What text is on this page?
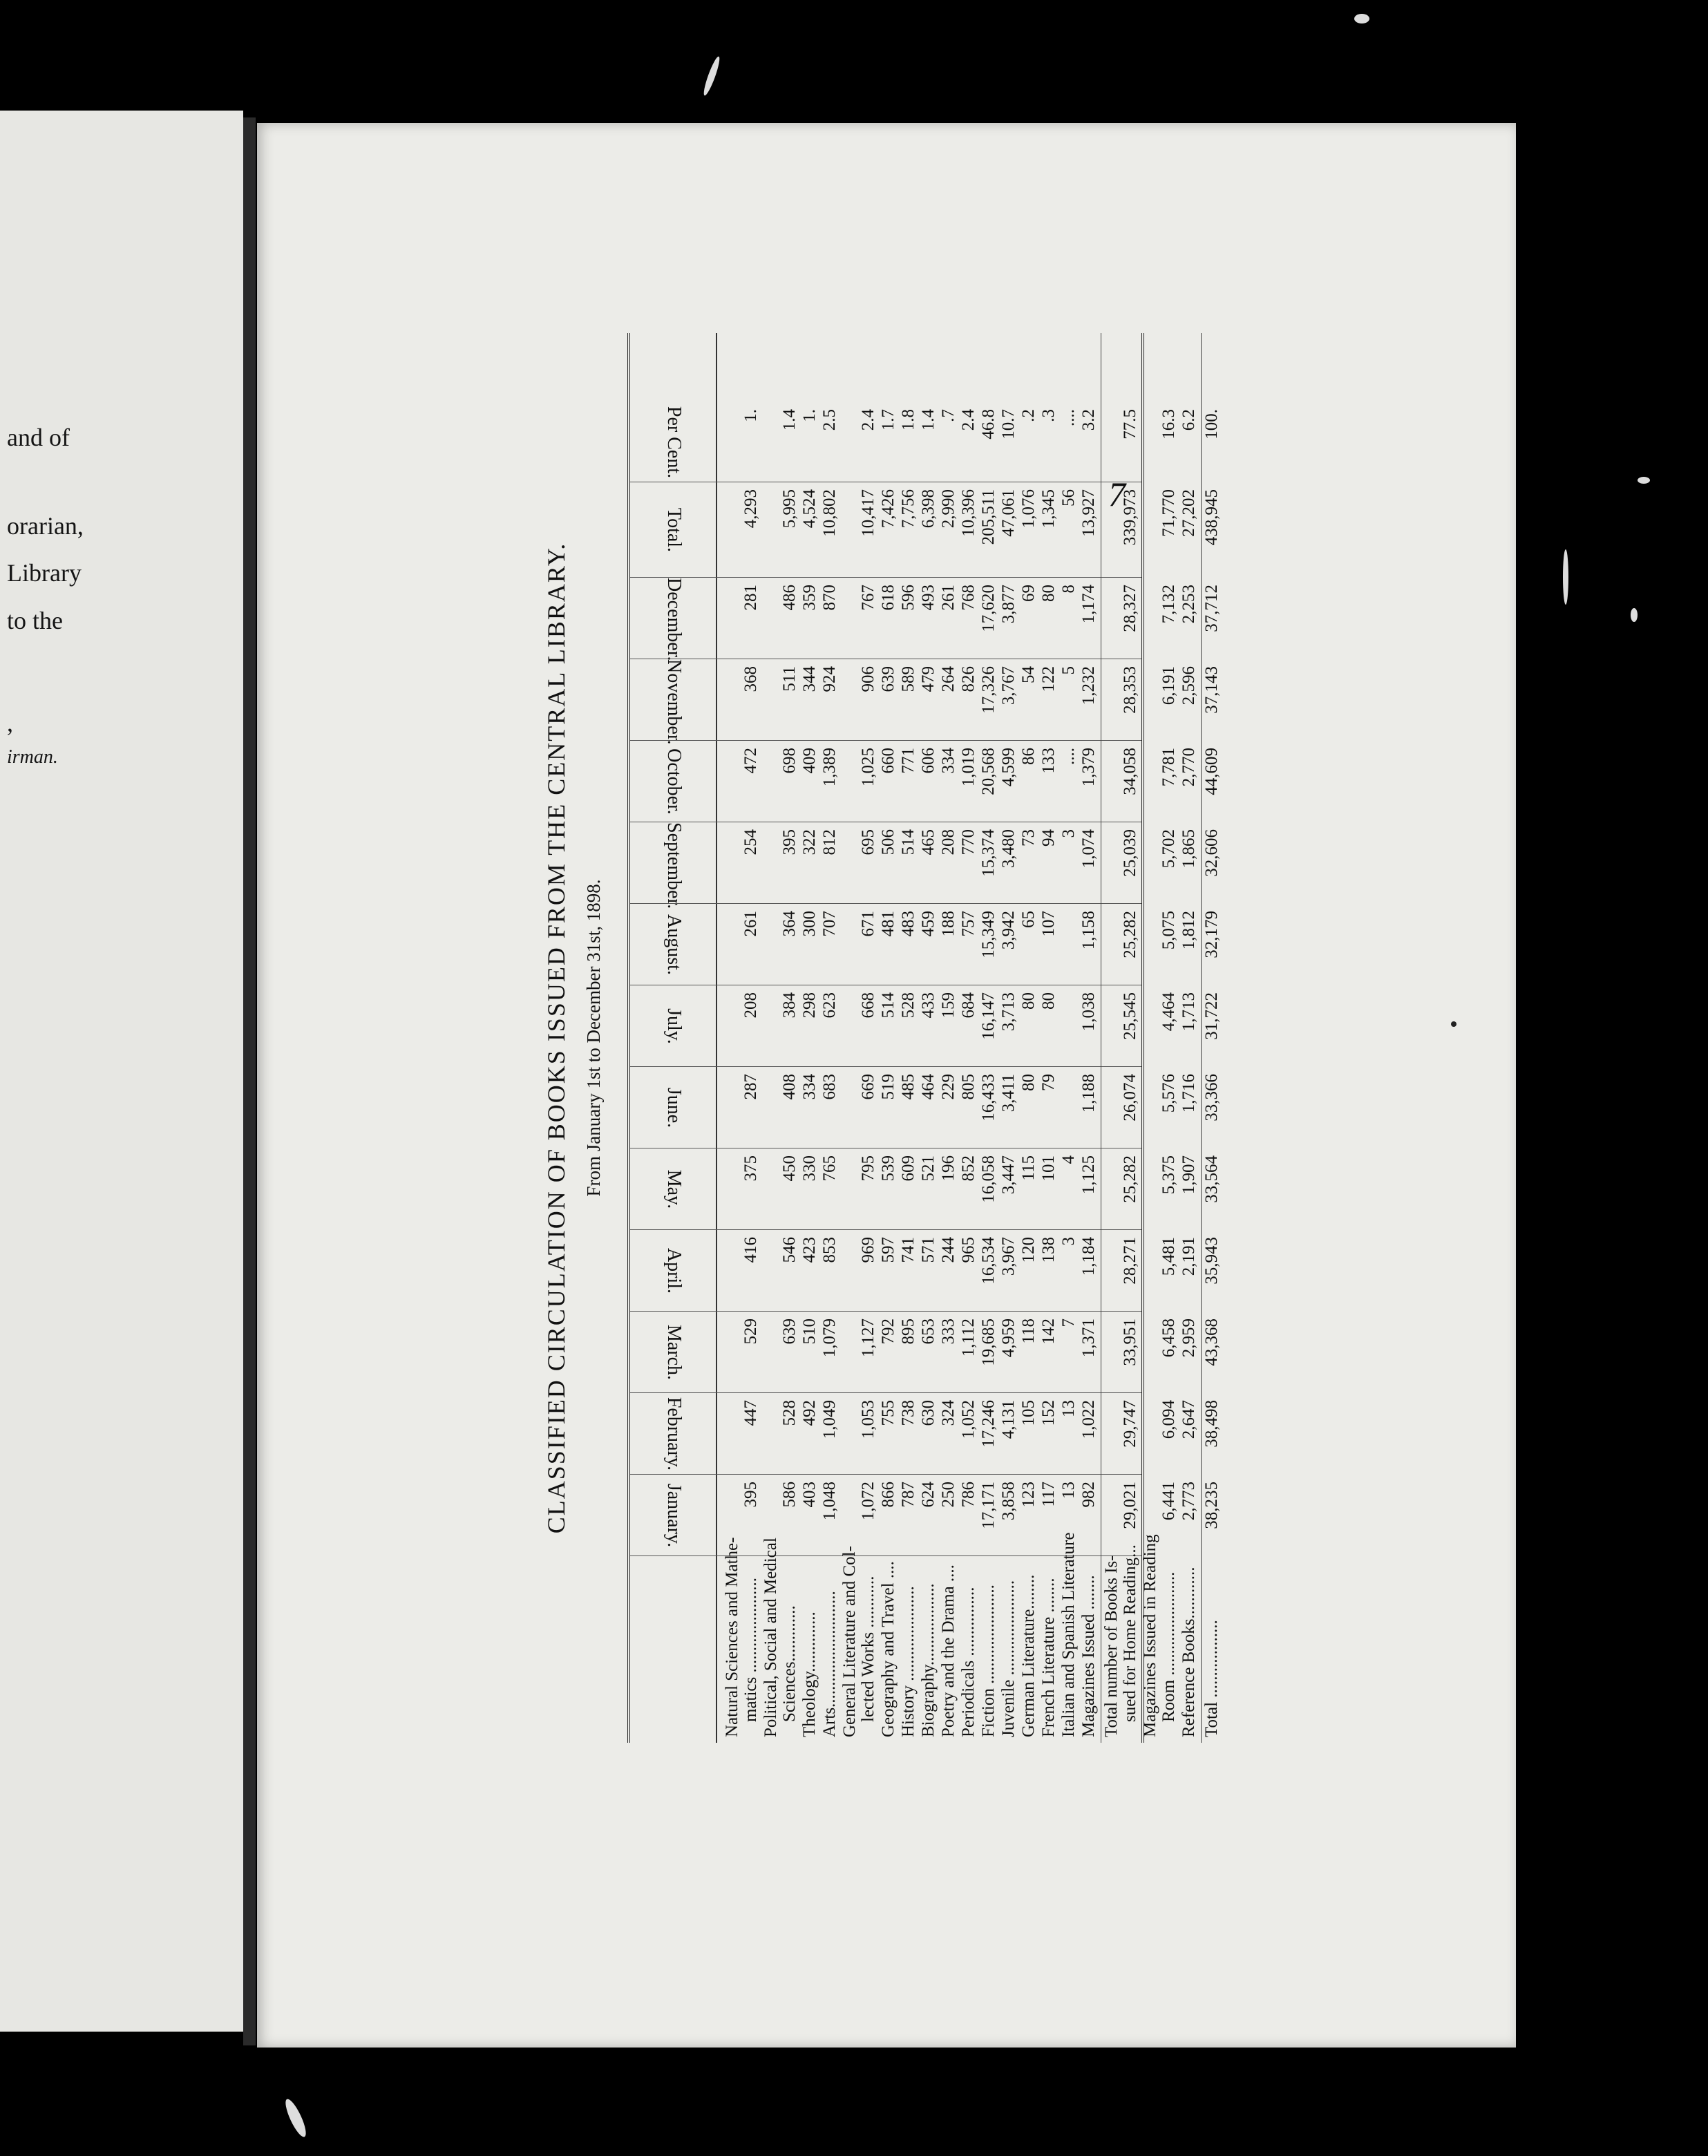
and of
orarian,
Library
to the
,
irman.
7
CLASSIFIED CIRCULATION OF BOOKS ISSUED FROM THE CENTRAL LIBRARY. From January 1st to December 31st, 1898.
January.
February.
March.
April.
May.
June.
July.
August.
September.
October.
November.
December.
Total.
Per Cent.
Natural Sciences and Mathe- matics ......................
395
447
529
416
375
287
208
261
254
472
368
281
4,293
1.
Political, Social and Medical Sciences.............
586
528
639
546
450
408
384
364
395
698
511
486
5,995
1.4
Theology..............
403
492
510
423
330
334
298
300
322
409
344
359
4,524
1.
Arts...........................
1,048
1,049
1,079
853
765
683
623
707
812
1,389
924
870
10,802
2.5
General Literature and Col- lected Works ............
1,072
1,053
1,127
969
795
669
668
671
695
1,025
906
767
10,417
2.4
Geography and Travel ....
866
755
792
597
539
519
514
481
506
660
639
618
7,426
1.7
History ......................
787
738
895
741
609
485
528
483
514
771
589
596
7,756
1.8
Biography...................
624
630
653
571
521
464
433
459
465
606
479
493
6,398
1.4
Poetry and the Drama ....
250
324
333
244
196
229
159
188
208
334
264
261
2,990
.7
Periodicals ................
786
1,052
1,112
965
852
805
684
757
770
1,019
826
768
10,396
2.4
Fiction .......................
17,171
17,246
19,685
16,534
16,058
16,433
16,147
15,349
15,374
20,568
17,326
17,620
205,511
46.8
Juvenile ......................
3,858
4,131
4,959
3,967
3,447
3,411
3,713
3,942
3,480
4,599
3,767
3,877
47,061
10.7
German Literature........
123
105
118
120
115
80
80
65
73
86
54
69
1,076
.2
French Literature ........
117
152
142
138
101
79
80
107
94
133
122
80
1,345
.3
Italian and Spanish Literature
13
13
7
3
4
3
....
5
8
56
....
Magazines Issued ........
982
1,022
1,371
1,184
1,125
1,188
1,038
1,158
1,074
1,379
1,232
1,174
13,927
3.2
Total number of Books Is- sued for Home Reading...
29,021
29,747
33,951
28,271
25,282
26,074
25,545
25,282
25,039
34,058
28,353
28,327
339,973
77.5
Magazines Issued in Reading Room ........................
6,441
6,094
6,458
5,481
5,375
5,576
4,464
5,075
5,702
7,781
6,191
7,132
71,770
16.3
Reference Books............
2,773
2,647
2,959
2,191
1,907
1,716
1,713
1,812
1,865
2,770
2,596
2,253
27,202
6.2
Total ..................
38,235
38,498
43,368
35,943
33,564
33,366
31,722
32,179
32,606
44,609
37,143
37,712
438,945
100.
